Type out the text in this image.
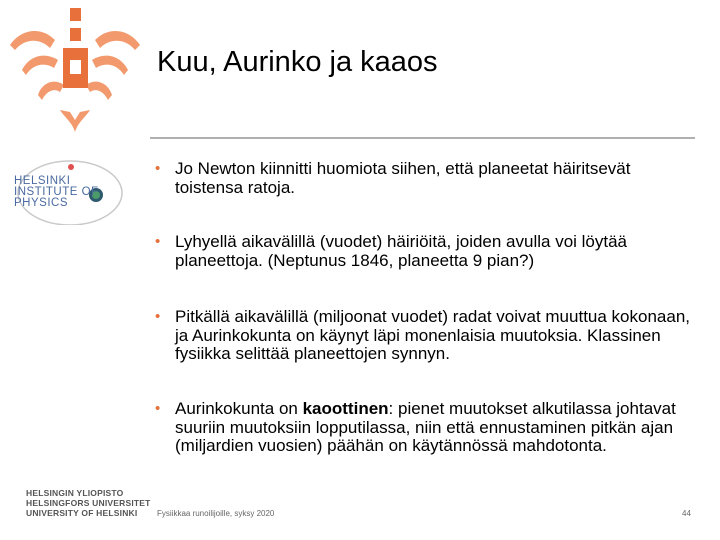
Kuu, Aurinko ja kaaos
HELSINKI
INSTITUTE OF
PHYSICS
• Jo Newton kiinnitti huomiota siihen, että planeetat häiritsevät toistensa ratoja.
• Lyhyellä aikavälillä (vuodet) häiriöitä, joiden avulla voi löytää planeettoja. (Neptunus 1846, planeetta 9 pian?)
• Pitkällä aikavälillä (miljoonat vuodet) radat voivat muuttua kokonaan, ja Aurinkokunta on käynyt läpi monenlaisia muutoksia. Klassinen fysiikka selittää planeettojen synnyn.
• Aurinkokunta on kaoottinen: pienet muutokset alkutilassa johtavat suuriin muutoksiin lopputilassa, niin että ennustaminen pitkän ajan (miljardien vuosien) päähän on käytännössä mahdotonta.
HELSINGIN YLIOPISTO
HELSINGFORS UNIVERSITET
UNIVERSITY OF HELSINKI	Fysiikkaa runoilijoille, syksy 2020	44
